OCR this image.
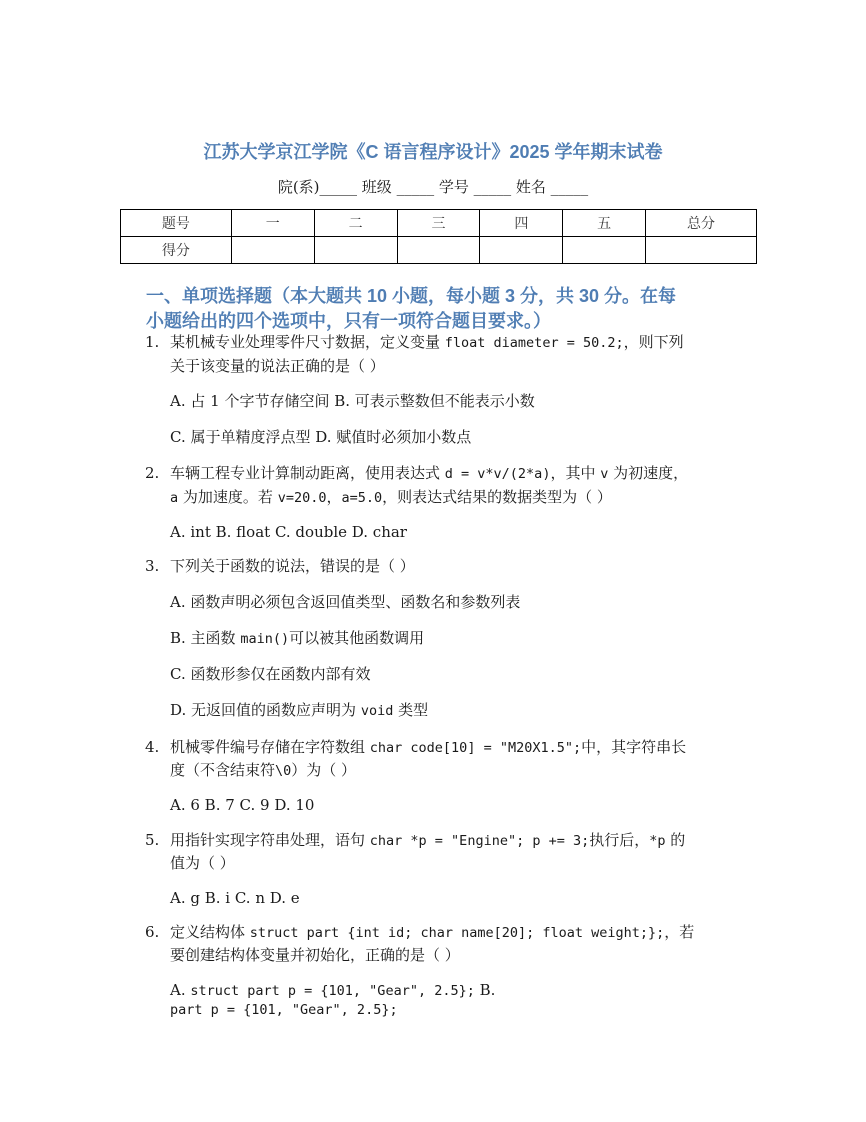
江苏大学京江学院《C 语言程序设计》2025 学年期末试卷
院(系)_____ 班级 _____ 学号 _____ 姓名 _____
题号	一	二	三	四	五	总分
得分						
一、单项选择题（本大题共 10 小题，每小题 3 分，共 30 分。在每
小题给出的四个选项中，只有一项符合题目要求。）
1. 某机械专业处理零件尺寸数据，定义变量 float diameter = 50.2;，则下列
关于该变量的说法正确的是（ ）
A. 占 1 个字节存储空间 B. 可表示整数但不能表示小数
C. 属于单精度浮点型 D. 赋值时必须加小数点
2. 车辆工程专业计算制动距离，使用表达式 d = v*v/(2*a)，其中 v 为初速度，
a 为加速度。若 v=20.0，a=5.0，则表达式结果的数据类型为（ ）
A. int B. float C. double D. char
3. 下列关于函数的说法，错误的是（ ）
A. 函数声明必须包含返回值类型、函数名和参数列表
B. 主函数 main()可以被其他函数调用
C. 函数形参仅在函数内部有效
D. 无返回值的函数应声明为 void 类型
4. 机械零件编号存储在字符数组 char code[10] = "M20X1.5";中，其字符串长
度（不含结束符\0）为（ ）
A. 6 B. 7 C. 9 D. 10
5. 用指针实现字符串处理，语句 char *p = "Engine"; p += 3;执行后，*p 的
值为（ ）
A. g B. i C. n D. e
6. 定义结构体 struct part {int id; char name[20]; float weight;};，若
要创建结构体变量并初始化，正确的是（ ）
A. struct part p = {101, "Gear", 2.5}; B.
part p = {101, "Gear", 2.5};
